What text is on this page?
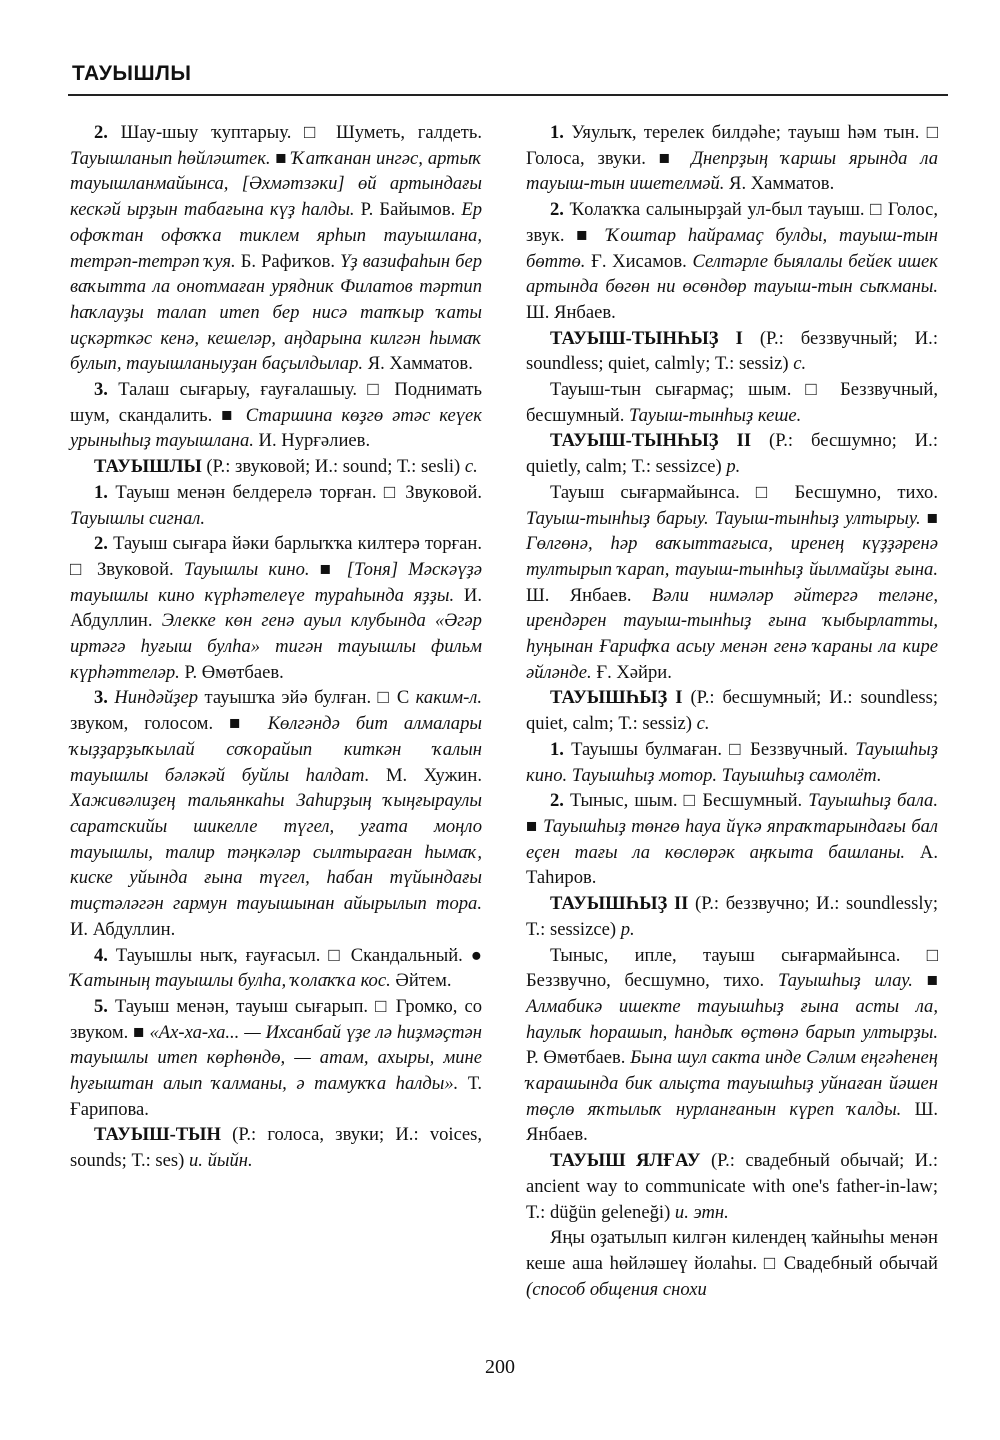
ТАУЫШЛЫ

2. Шау-шыу ҡуптарыу. □ Шуметь, галдеть. Тауышланып һөйләштек. ■ Ҡапҡанан ингәс, артыҡ тауышланмайынса, [Әхмәтзәки] өй артындағы кескәй ырҙын табағына күҙ һалды. Р. Байымов. Ер офоҡтан офоҡҡа тиклем ярһып тауышлана, тетрәп-тетрәп ҡуя. Б. Рафиҡов. Үҙ вазифаһын бер ваҡытта ла онотмаған урядник Филатов тәртип һаҡлауҙы талап итеп бер нисә тапҡыр ҡаты иҫкәрткәс кенә, кешеләр, аңдарына килгән һымаҡ булып, тауышланыуҙан баҫылдылар. Я. Хамматов.

3. Талаш сығарыу, ғауғалашыу. □ Поднимать шум, скандалить. ■ Старшина көҙгө әтәс кеүек урыныһыҙ тауышлана. И. Нурғәлиев.

ТАУЫШЛЫ (Р.: звуковой; И.: sound; Т.: sesli) с.

1. Тауыш менән белдерелә торған. □ Звуковой. Тауышлы сигнал.

2. Тауыш сығара йәки барлыҡҡа килтерә торған. □ Звуковой. Тауышлы кино. ■ [Тоня] Мәскәүҙә тауышлы кино күрһәтелеүе тураһында яҙҙы. И. Абдуллин. Элекке көн генә ауыл клубында «Әгәр иртәгә һуғыш булһа» тигән тауышлы фильм күрһәттеләр. Р. Өмөтбаев.

3. Ниндәйҙер тауышҡа эйә булған. □ С каким-л. звуком, голосом. ■ Көлгәндә бит алмалары ҡыҙҙарҙыҡылай соҡорайып киткән ҡалын тауышлы бәләкәй буйлы һалдат. М. Хужин. Хаживәлиҙең тальянкаһы Заһирҙың ҡыңғыраулы саратскийы шикелле түгел, уғата моңло тауышлы, талир тәңкәләр сылтыраған һымаҡ, киске уйында ғына түгел, һабан түйындағы тиҫтәләгән гармун тауышынан айырылып тора. И. Абдуллин.

4. Тауышлы ныҡ, ғауғасыл. □ Скандальный. ● Ҡатының тауышлы булһа, ҡолаҡҡа кос. Әйтем.

5. Тауыш менән, тауыш сығарып. □ Громко, со звуком. ■ «Ах-ха-ха... — Ихсанбай үҙе лә һиҙмәҫтән тауышлы итеп көрһөндө, — атам, ахыры, мине һуғыштан алып ҡалманы, ә тамуҡҡа һалды». Т. Ғарипова.

ТАУЫШ-ТЫН (Р.: голоса, звуки; И.: voices, sounds; Т.: ses) и. йыйн.

1. Уяулыҡ, терелек билдәһе; тауыш һәм тын. □ Голоса, звуки. ■ Днепрҙың ҡаршы ярында ла тауыш-тын ишетелмәй. Я. Хамматов.

2. Ҡолаҡҡа салынырҙай ул-был тауыш. □ Голос, звук. ■ Ҡоштар һайрамаҫ булды, тауыш-тын бөттө. Ғ. Хисамов. Селтәрле быялалы бейек ишек артында бөгөн ни өсөндөр тауыш-тын сыҡманы. Ш. Янбаев.

ТАУЫШ-ТЫНҺЫҘ I (Р.: беззвучный; И.: soundless; quiet, calmly; Т.: sessiz) с.

Тауыш-тын сығармаҫ; шым. □ Беззвучный, бесшумный. Тауыш-тынһыҙ кеше.

ТАУЫШ-ТЫНҺЫҘ II (Р.: бесшумно; И.: quietly, calm; Т.: sessizce) р.

Тауыш сығармайынса. □ Бесшумно, тихо. Тауыш-тынһыҙ барыу. Тауыш-тынһыҙ ултырыу. ■ Гөлгөнә, һәр ваҡыттағыса, иренең күҙҙәренә тултырып ҡарап, тауыш-тынһыҙ йылмайҙы ғына. Ш. Янбаев. Вәли нимәләр әйтергә теләне, ирендәрен тауыш-тынһыҙ ғына ҡыбырлатты, һуңынан Ғарифҡа асыу менән генә ҡараны ла кире әйләнде. Ғ. Хәйри.

ТАУЫШҺЫҘ I (Р.: бесшумный; И.: soundless; quiet, calm; Т.: sessiz) с.

1. Тауышы булмаған. □ Беззвучный. Тауышһыҙ кино. Тауышһыҙ мотор. Тауышһыҙ самолёт.

2. Тыныс, шым. □ Бесшумный. Тауышһыҙ бала. ■ Тауышһыҙ төнгө һауа йүкә япраҡтарындағы бал еҫен тағы ла көслөрәк аңҡыта башланы. А. Таһиров.

ТАУЫШҺЫҘ II (Р.: беззвучно; И.: soundlessly; Т.: sessizce) р.

Тыныс, ипле, тауыш сығармайынса. □ Беззвучно, бесшумно, тихо. Тауышһыҙ илау. ■ Алмабикә ишекте тауышһыҙ ғына асты ла, һаулыҡ һорашып, һандыҡ өҫтөнә барып ултырҙы. Р. Өмөтбаев. Бына шул сакта инде Сәлим еңгәһенең ҡарашында бик алыҫта тауышһыҙ уйнаған йәшен төҫлө яҡтылыҡ нурланғанын күреп ҡалды. Ш. Янбаев.

ТАУЫШ ЯЛҒАУ (Р.: свадебный обычай; И.: ancient way to communicate with one's father-in-law; Т.: düğün geleneği) и. этн.

Яңы оҙатылып килгән килендең ҡайныһы менән кеше аша һөйләшеү йолаһы. □ Свадебный обычай (способ общения снохи

200
